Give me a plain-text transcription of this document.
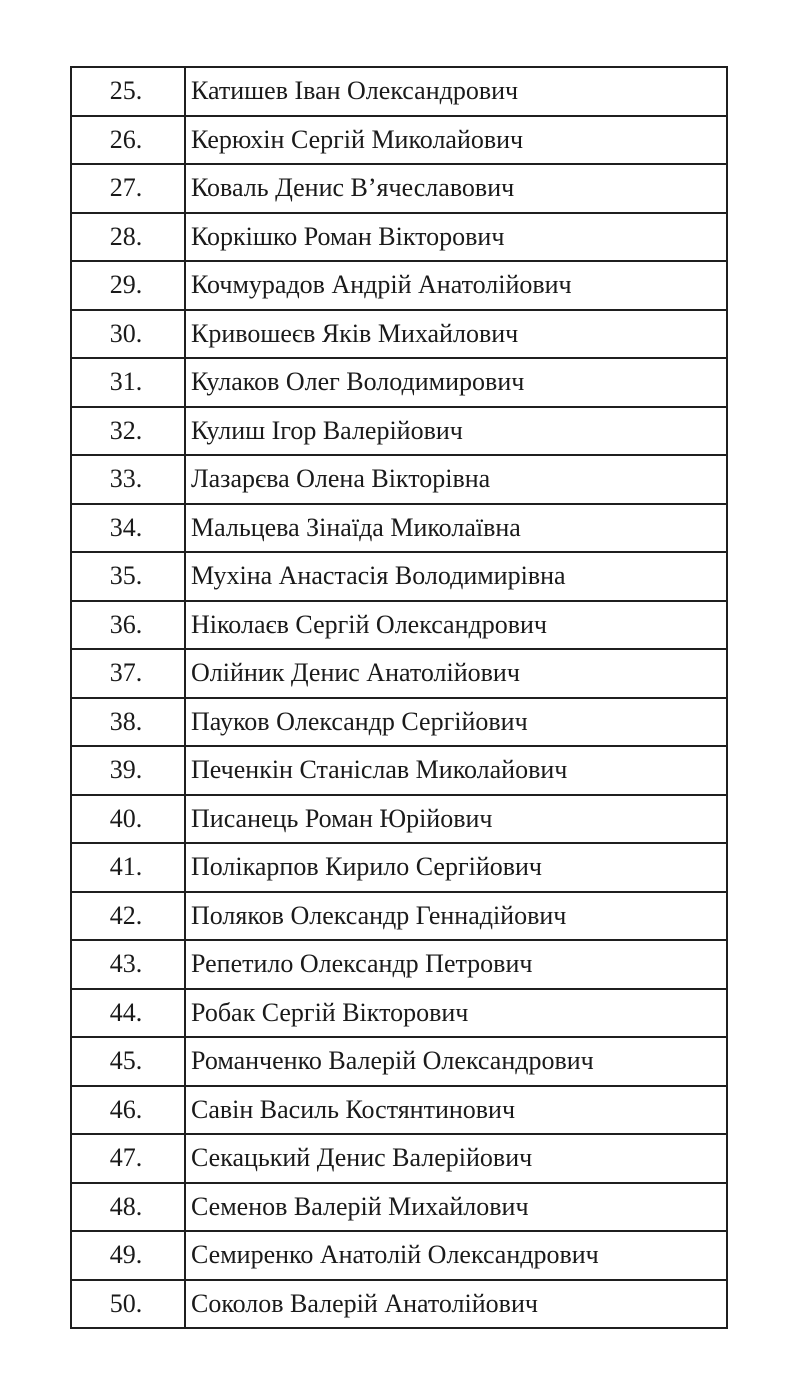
25.	Катишев Іван Олександрович
26.	Керюхін Сергій Миколайович
27.	Коваль Денис В’ячеславович
28.	Коркішко Роман Вікторович
29.	Кочмурадов Андрій Анатолійович
30.	Кривошеєв Яків Михайлович
31.	Кулаков Олег Володимирович
32.	Кулиш Ігор Валерійович
33.	Лазарєва Олена Вікторівна
34.	Мальцева Зінаїда Миколаївна
35.	Мухіна Анастасія Володимирівна
36.	Ніколаєв Сергій Олександрович
37.	Олійник Денис Анатолійович
38.	Пауков Олександр Сергійович
39.	Печенкін Станіслав Миколайович
40.	Писанець Роман Юрійович
41.	Полікарпов Кирило Сергійович
42.	Поляков Олександр Геннадійович
43.	Репетило Олександр Петрович
44.	Робак Сергій Вікторович
45.	Романченко Валерій Олександрович
46.	Савін Василь Костянтинович
47.	Секацький Денис Валерійович
48.	Семенов Валерій Михайлович
49.	Семиренко Анатолій Олександрович
50.	Соколов Валерій Анатолійович
